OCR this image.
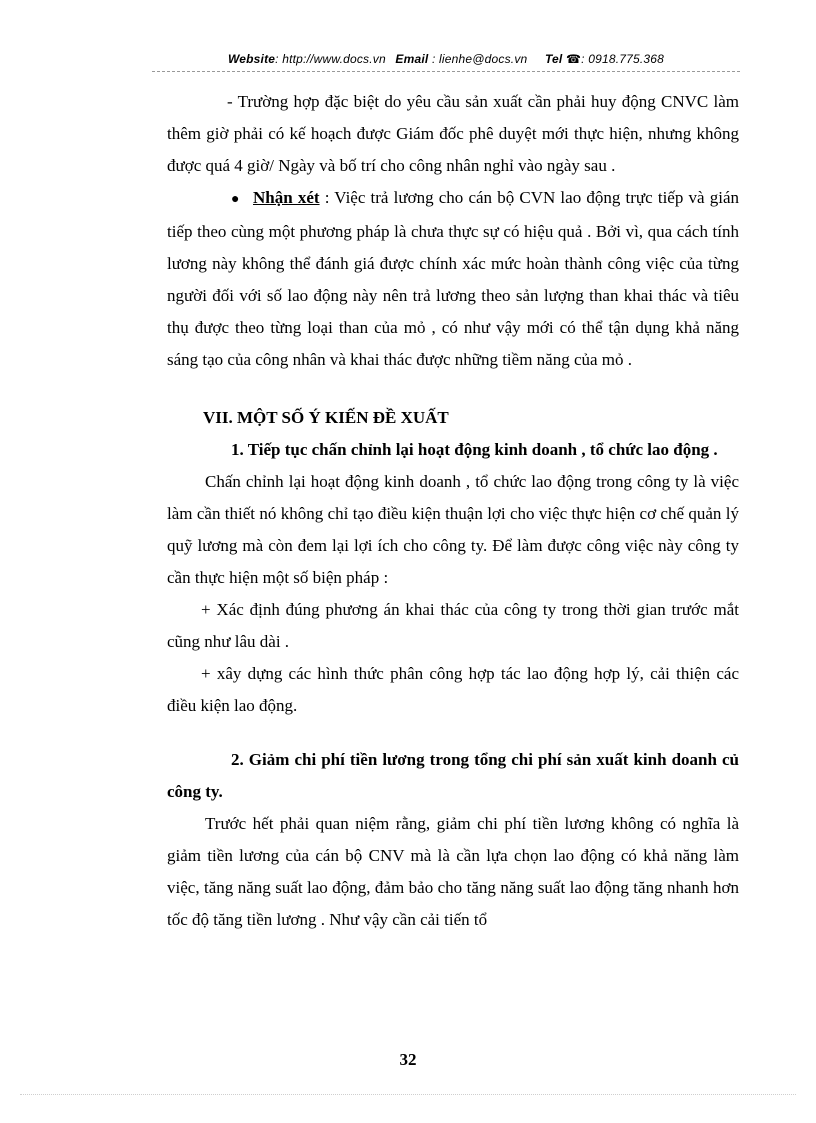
Website: http://www.docs.vn Email : lienhe@docs.vn Tel ☎: 0918.775.368

- Trường hợp đặc biệt do yêu cầu sản xuất cần phải huy động CNVC làm thêm giờ phải có kế hoạch được Giám đốc phê duyệt mới thực hiện, nhưng không được quá 4 giờ/ Ngày và bố trí cho công nhân nghỉ vào ngày sau .

● Nhận xét : Việc trả lương cho cán bộ CVN lao động trực tiếp và gián tiếp theo cùng một phương pháp là chưa thực sự có hiệu quả . Bởi vì, qua cách tính lương này không thể đánh giá được chính xác mức hoàn thành công việc của từng người đối với số lao động này nên trả lương theo sản lượng than khai thác và tiêu thụ được theo từng loại than của mỏ , có như vậy mới có thể tận dụng khả năng sáng tạo của công nhân và khai thác được những tiềm năng của mỏ .

VII. MỘT SỐ Ý KIẾN ĐỀ XUẤT
1. Tiếp tục chấn chỉnh lại hoạt động kinh doanh , tổ chức lao động .

Chấn chỉnh lại hoạt động kinh doanh , tổ chức lao động trong công ty là việc làm cần thiết nó không chỉ tạo điều kiện thuận lợi cho việc thực hiện cơ chế quản lý quỹ lương mà còn đem lại lợi ích cho công ty. Để làm được công việc này công ty cần thực hiện một số biện pháp :

+ Xác định đúng phương án khai thác của công ty trong thời gian trước mắt cũng như lâu dài .

+ xây dựng các hình thức phân công hợp tác lao động hợp lý, cải thiện các điều kiện lao động.

2. Giảm chi phí tiền lương trong tổng chi phí sản xuất kinh doanh củ công ty.

Trước hết phải quan niệm rằng, giảm chi phí tiền lương không có nghĩa là giảm tiền lương của cán bộ CNV mà là cần lựa chọn lao động có khả năng làm việc, tăng năng suất lao động, đảm bảo cho tăng năng suất lao động tăng nhanh hơn tốc độ tăng tiền lương . Như vậy cần cải tiến tổ

32
